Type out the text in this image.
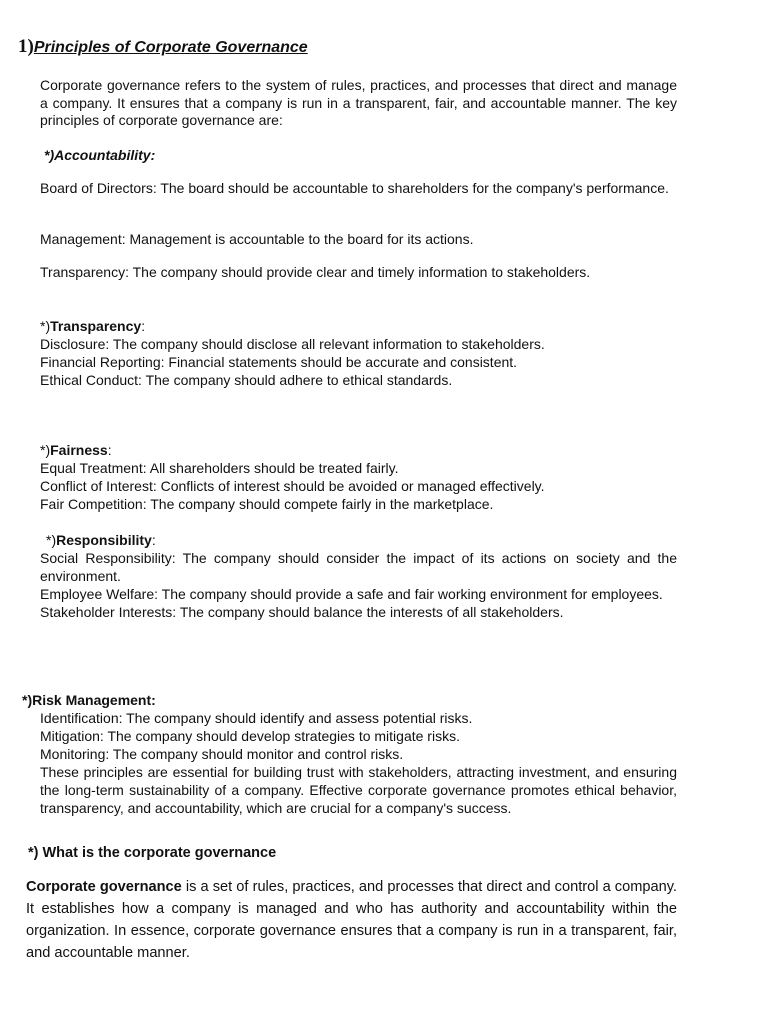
1)Principles of Corporate Governance
Corporate governance refers to the system of rules, practices, and processes that direct and manage a company. It ensures that a company is run in a transparent, fair, and accountable manner. The key principles of corporate governance are:
*)Accountability:
Board of Directors: The board should be accountable to shareholders for the company's performance.
Management: Management is accountable to the board for its actions.
Transparency: The company should provide clear and timely information to stakeholders.
*)Transparency:
Disclosure: The company should disclose all relevant information to stakeholders.
Financial Reporting: Financial statements should be accurate and consistent.
Ethical Conduct: The company should adhere to ethical standards.
*)Fairness:
Equal Treatment: All shareholders should be treated fairly.
Conflict of Interest: Conflicts of interest should be avoided or managed effectively.
Fair Competition: The company should compete fairly in the marketplace.
*)Responsibility:
Social Responsibility: The company should consider the impact of its actions on society and the environment.
Employee Welfare: The company should provide a safe and fair working environment for employees.
Stakeholder Interests: The company should balance the interests of all stakeholders.
*)Risk Management:
Identification: The company should identify and assess potential risks.
Mitigation: The company should develop strategies to mitigate risks.
Monitoring: The company should monitor and control risks.
These principles are essential for building trust with stakeholders, attracting investment, and ensuring the long-term sustainability of a company. Effective corporate governance promotes ethical behavior, transparency, and accountability, which are crucial for a company's success.
*) What is the corporate governance
Corporate governance is a set of rules, practices, and processes that direct and control a company. It establishes how a company is managed and who has authority and accountability within the organization. In essence, corporate governance ensures that a company is run in a transparent, fair, and accountable manner.
